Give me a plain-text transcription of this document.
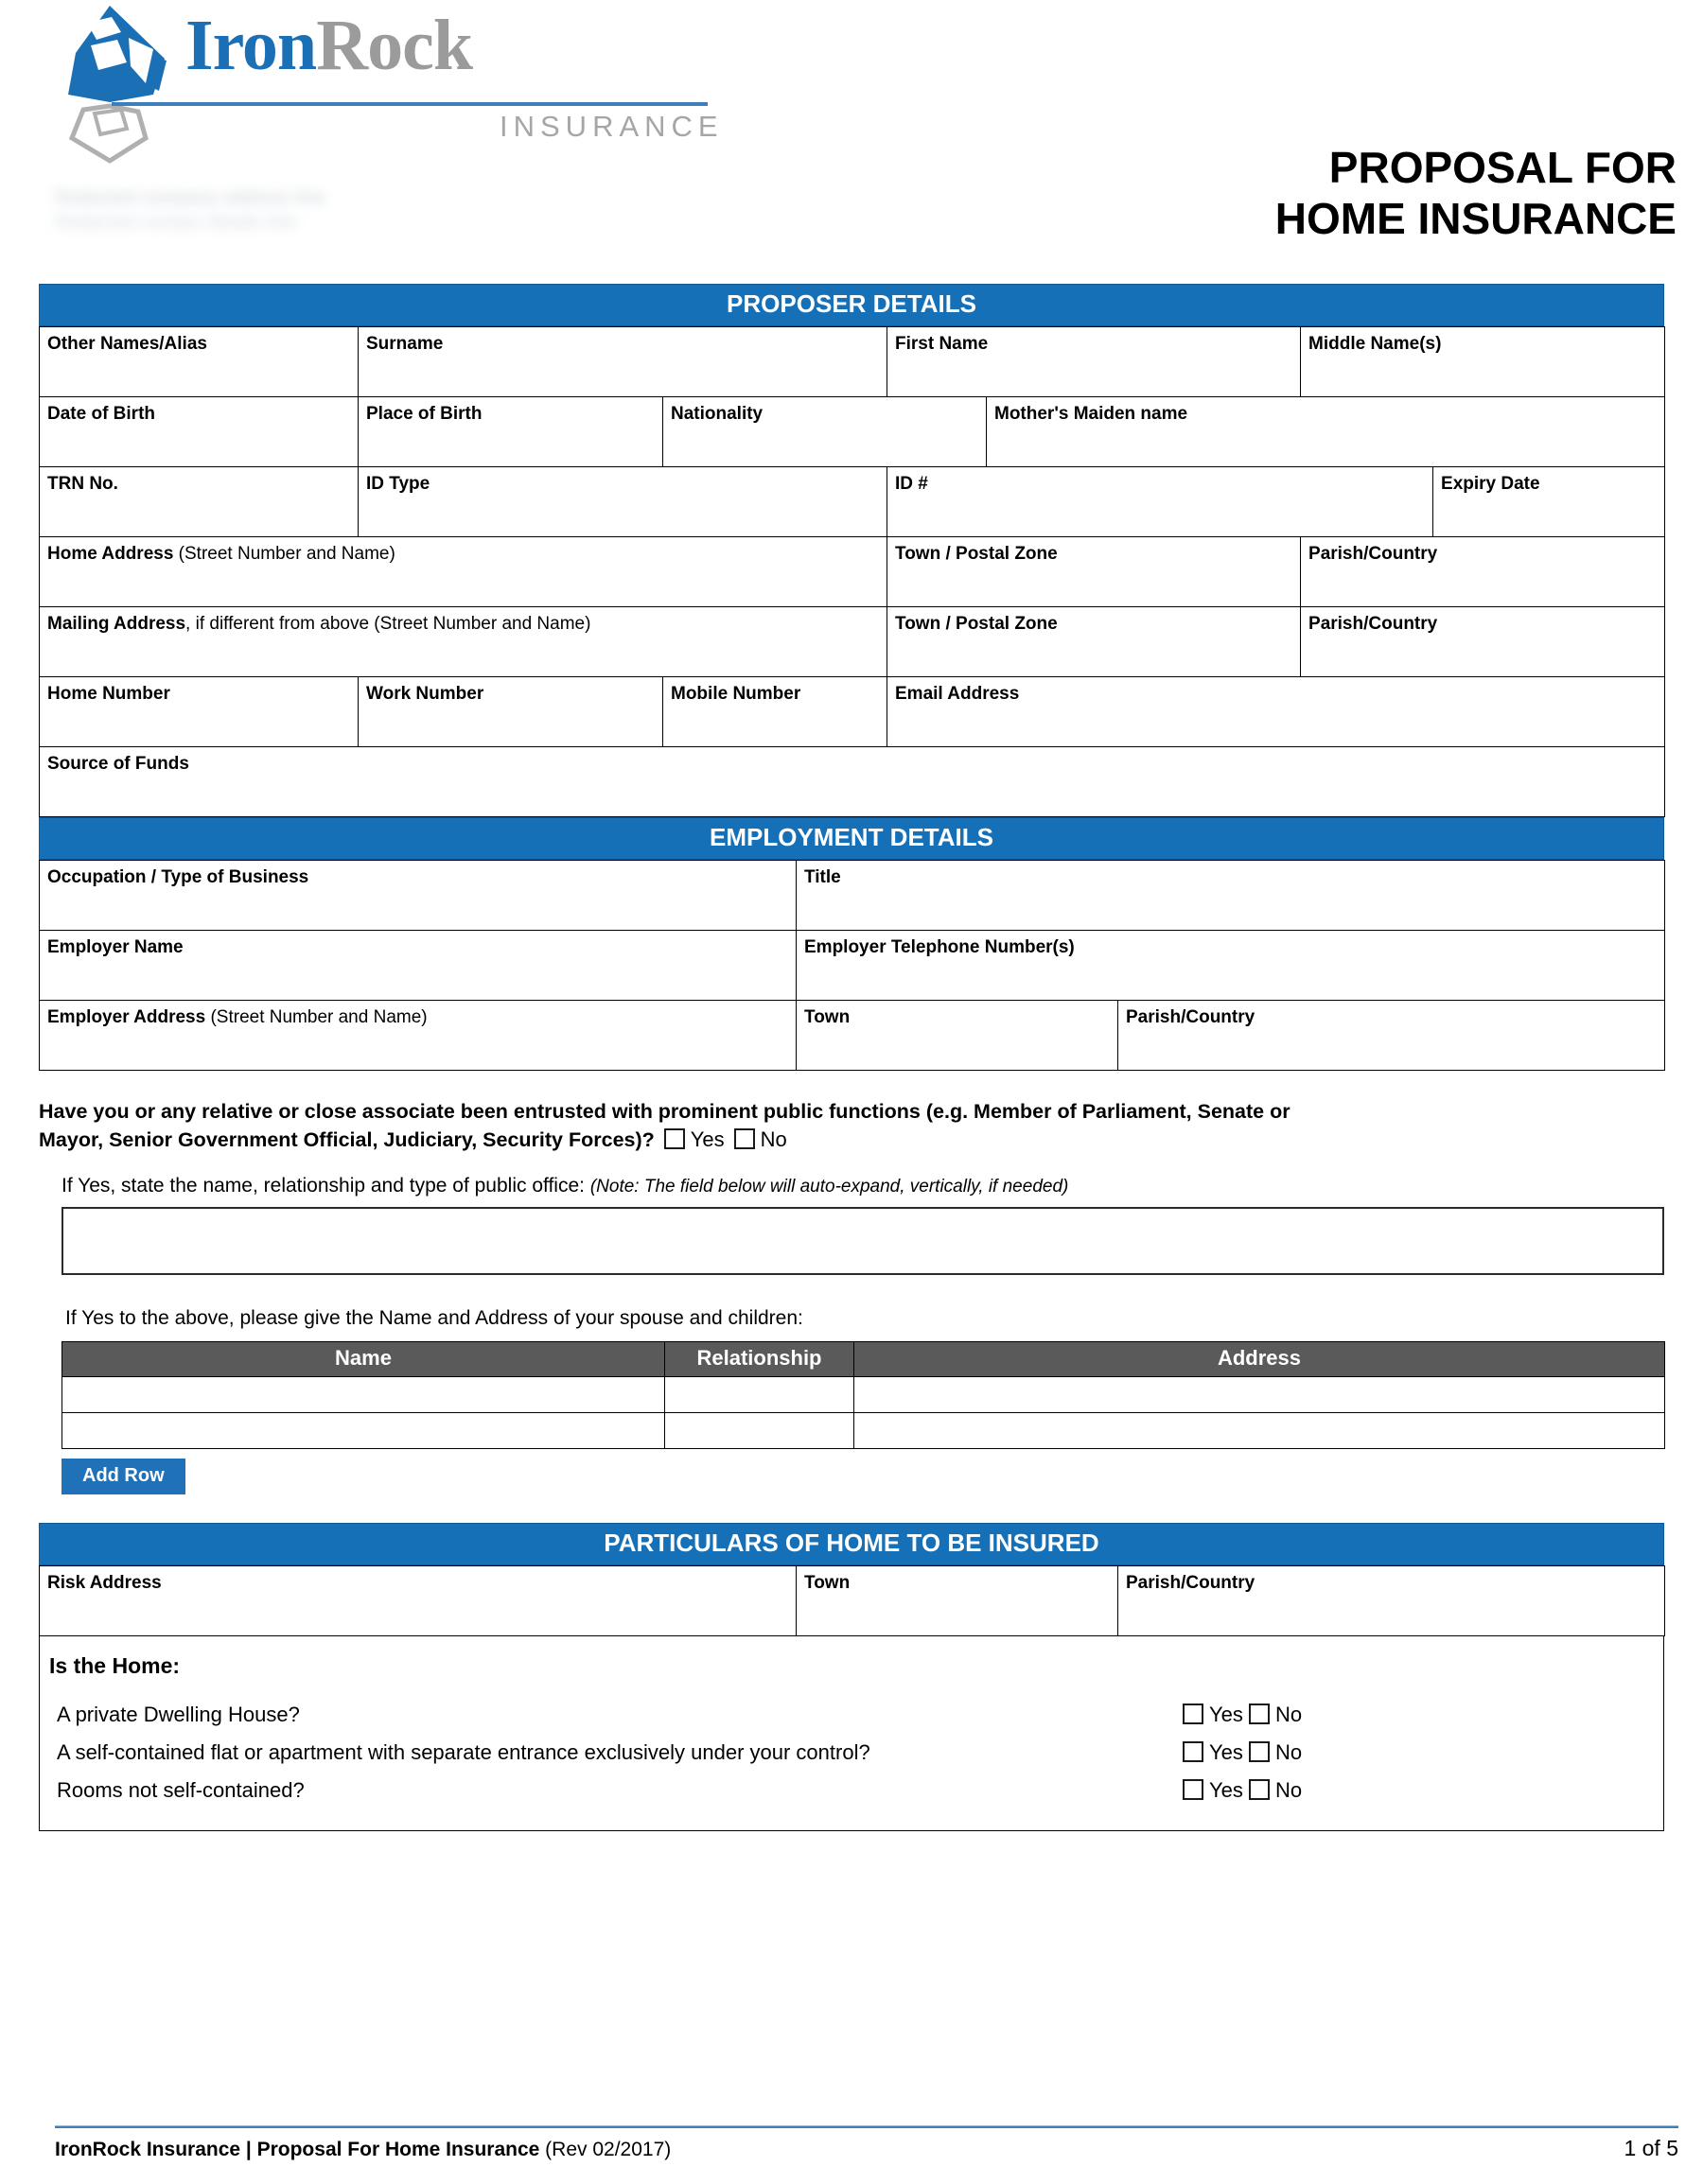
IronRock
INSURANCE
Redacted company address line
Redacted contact details line
PROPOSAL FOR
HOME INSURANCE
PROPOSER DETAILS
Other Names/Alias	Surname		First Name		Middle Name(s)	
Date of Birth	Place of Birth	Nationality		Mother's Maiden name		
TRN No.	ID Type		ID #			Expiry Date
Home Address (Street Number and Name)			Town / Postal Zone		Parish/Country	
Mailing Address, if different from above (Street Number and Name)			Town / Postal Zone		Parish/Country	
Home Number	Work Number	Mobile Number	Email Address			
Source of Funds						
EMPLOYMENT DETAILS
Occupation / Type of Business	Title	
Employer Name	Employer Telephone Number(s)	
Employer Address (Street Number and Name)	Town	Parish/Country
Have you or any relative or close associate been entrusted with prominent public functions (e.g. Member of Parliament, Senate or
Mayor, Senior Government Official, Judiciary, Security Forces)? Yes No
If Yes, state the name, relationship and type of public office: (Note: The field below will auto-expand, vertically, if needed)
If Yes to the above, please give the Name and Address of your spouse and children:
Name	Relationship	Address

Add Row
PARTICULARS OF HOME TO BE INSURED
Risk Address	Town	Parish/Country
Is the Home:
A private Dwelling House?	Yes No
A self-contained flat or apartment with separate entrance exclusively under your control?	Yes No
Rooms not self-contained?	Yes No
IronRock Insurance | Proposal For Home Insurance (Rev 02/2017)	1 of 5
